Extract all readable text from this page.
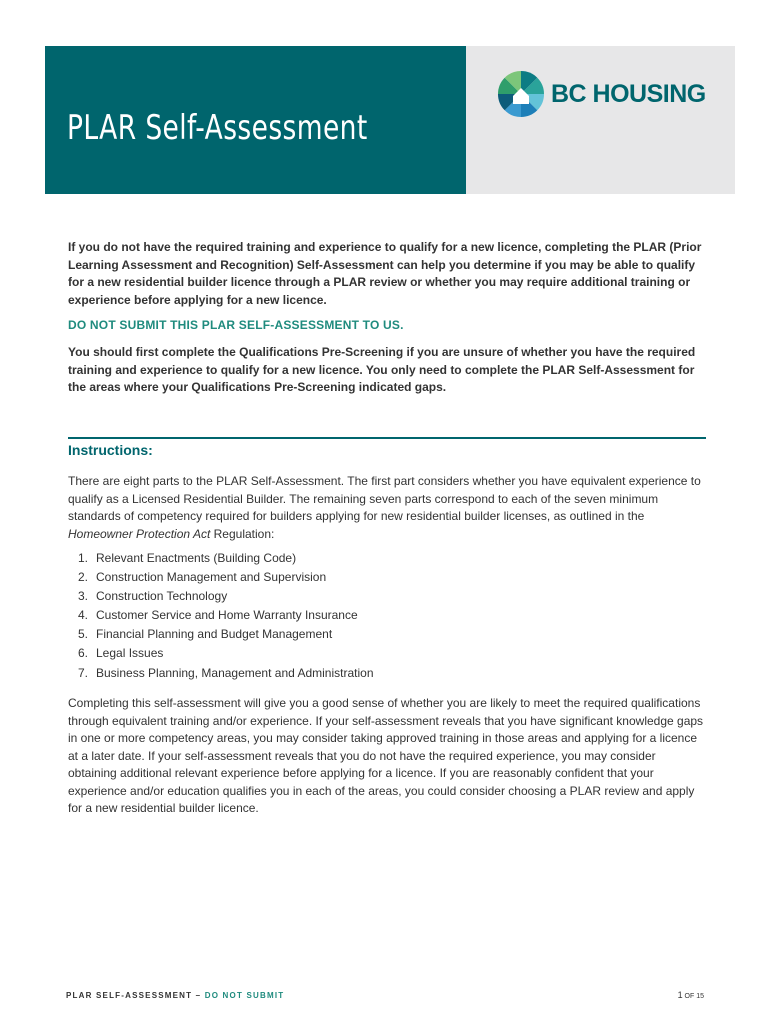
PLAR Self-Assessment
BC HOUSING

If you do not have the required training and experience to qualify for a new licence, completing the PLAR (Prior Learning Assessment and Recognition) Self-Assessment can help you determine if you may be able to qualify for a new residential builder licence through a PLAR review or whether you may require additional training or experience before applying for a new licence.

DO NOT SUBMIT THIS PLAR SELF-ASSESSMENT TO US.

You should first complete the Qualifications Pre-Screening if you are unsure of whether you have the required training and experience to qualify for a new licence. You only need to complete the PLAR Self-Assessment for the areas where your Qualifications Pre-Screening indicated gaps.

Instructions:

There are eight parts to the PLAR Self-Assessment. The first part considers whether you have equivalent experience to qualify as a Licensed Residential Builder. The remaining seven parts correspond to each of the seven minimum standards of competency required for builders applying for new residential builder licenses, as outlined in the Homeowner Protection Act Regulation:

1. Relevant Enactments (Building Code)
2. Construction Management and Supervision
3. Construction Technology
4. Customer Service and Home Warranty Insurance
5. Financial Planning and Budget Management
6. Legal Issues
7. Business Planning, Management and Administration

Completing this self-assessment will give you a good sense of whether you are likely to meet the required qualifications through equivalent training and/or experience. If your self-assessment reveals that you have significant knowledge gaps in one or more competency areas, you may consider taking approved training in those areas and applying for a licence at a later date. If your self-assessment reveals that you do not have the required experience, you may consider obtaining additional relevant experience before applying for a licence. If you are reasonably confident that your experience and/or education qualifies you in each of the areas, you could consider choosing a PLAR review and apply for a new residential builder licence.

PLAR SELF-ASSESSMENT – DO NOT SUBMIT	1 OF 15
